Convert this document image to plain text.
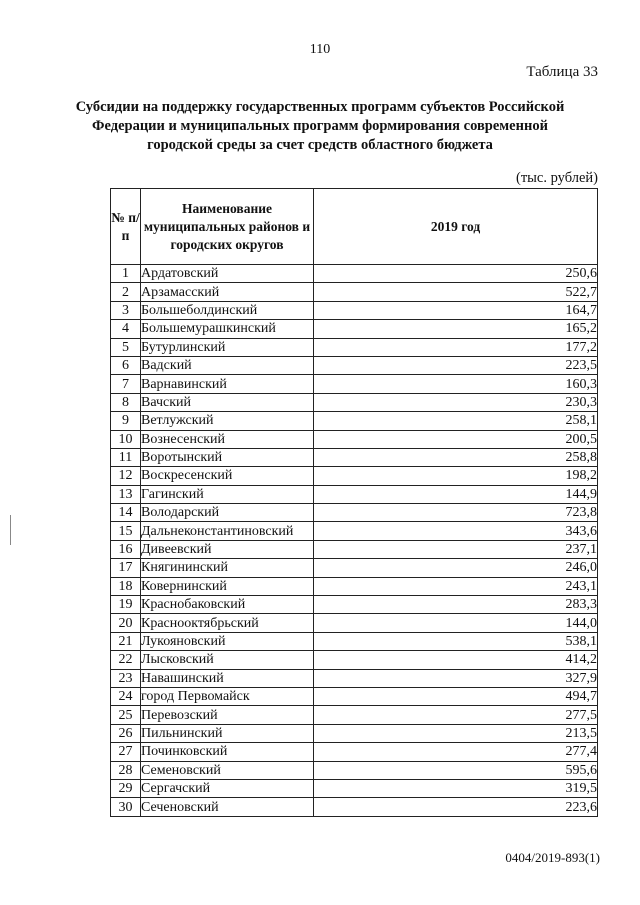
110
Таблица 33
Субсидии на поддержку государственных программ субъектов Российской Федерации и муниципальных программ формирования современной городской среды за счет средств областного бюджета
(тыс. рублей)
№ п/п	Наименование муниципальных районов и городских округов	2019 год
1	Ардатовский	250,6
2	Арзамасский	522,7
3	Большеболдинский	164,7
4	Большемурашкинский	165,2
5	Бутурлинский	177,2
6	Вадский	223,5
7	Варнавинский	160,3
8	Вачский	230,3
9	Ветлужский	258,1
10	Вознесенский	200,5
11	Воротынский	258,8
12	Воскресенский	198,2
13	Гагинский	144,9
14	Володарский	723,8
15	Дальнеконстантиновский	343,6
16	Дивеевский	237,1
17	Княгининский	246,0
18	Ковернинский	243,1
19	Краснобаковский	283,3
20	Краснооктябрьский	144,0
21	Лукояновский	538,1
22	Лысковский	414,2
23	Навашинский	327,9
24	город Первомайск	494,7
25	Перевозский	277,5
26	Пильнинский	213,5
27	Починковский	277,4
28	Семеновский	595,6
29	Сергачский	319,5
30	Сеченовский	223,6
0404/2019-893(1)
